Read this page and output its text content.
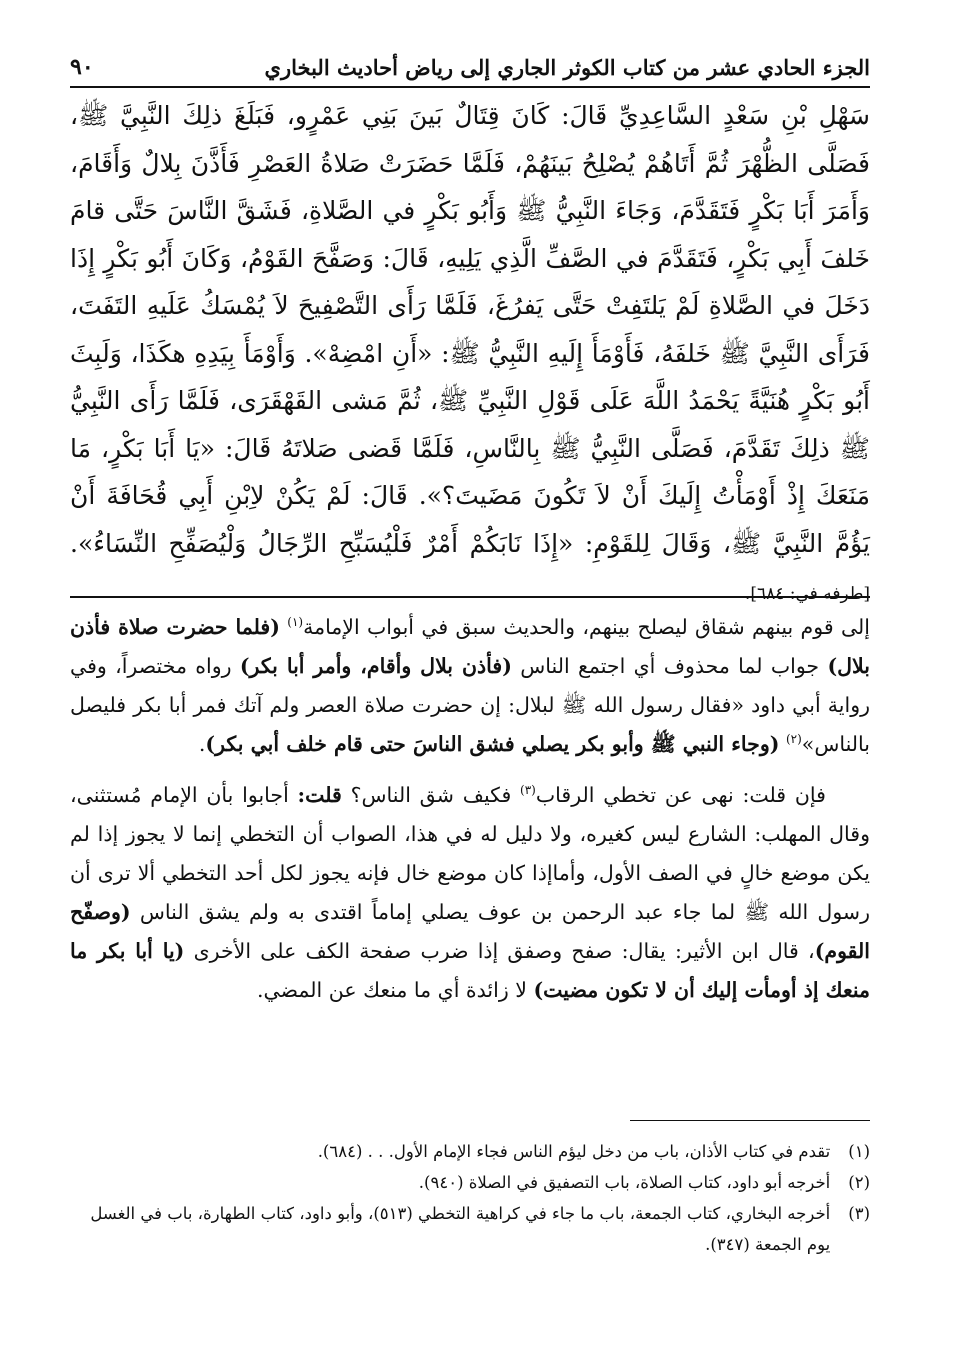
الجزء الحادي عشر من كتاب الكوثر الجاري إلى رياض أحاديث البخاري
٩٠
سَهْلِ بْنِ سَعْدٍ السَّاعِدِيِّ قَالَ: كَانَ قِتَالٌ بَينَ بَنِي عَمْرٍو، فَبَلَغَ ذلِكَ النَّبِيَّ ﷺ، فَصَلَّى الظُّهْرَ ثُمَّ أَتَاهُمْ يُصْلِحُ بَينَهُمْ، فَلَمَّا حَضَرَتْ صَلاةُ العَصْرِ فَأَذَّنَ بِلالٌ وَأَقَامَ، وَأَمَرَ أَبَا بَكْرٍ فَتَقَدَّمَ، وَجَاءَ النَّبِيُّ ﷺ وَأَبُو بَكْرٍ في الصَّلاةِ، فَشَقَّ النَّاسَ حَتَّى قامَ خَلفَ أَبِي بَكْرٍ، فَتَقَدَّمَ في الصَّفِّ الَّذِي يَلِيهِ، قَالَ: وَصَفَّحَ القَوْمُ، وَكَانَ أَبُو بَكْرٍ إِذَا دَخَلَ في الصَّلاةِ لَمْ يَلتَفِتْ حَتَّى يَفرُغَ، فَلَمَّا رَأَى التَّصْفِيحَ لاَ يُمْسَكُ عَلَيهِ التَفَتَ، فَرَأَى النَّبِيَّ ﷺ خَلفَهُ، فَأَوْمَأَ إِلَيهِ النَّبِيُّ ﷺ: «أَنِ امْضِهْ». وَأَوْمَأَ بِيَدِهِ هكَذَا، وَلَبِثَ أَبُو بَكْرٍ هُنَيَّةً يَحْمَدُ اللَّهَ عَلَى قَوْلِ النَّبِيِّ ﷺ، ثُمَّ مَشى القَهْقَرَى، فَلَمَّا رَأَى النَّبِيُّ ﷺ ذلِكَ تَقَدَّمَ، فَصَلَّى النَّبِيُّ ﷺ بِالنَّاسِ، فَلَمَّا قَضى صَلاتَهُ قَالَ: «يَا أَبَا بَكْرٍ، مَا مَنَعَكَ إِذْ أَوْمَأْتُ إِلَيكَ أَنْ لاَ تَكُونَ مَضَيتَ؟». قَالَ: لَمْ يَكُنْ لاِبْنِ أَبِي قُحَافَةَ أَنْ يَؤُمَّ النَّبِيَّ ﷺ، وَقَالَ لِلقَوْمِ: «إِذَا نَابَكُمْ أَمْرٌ فَلْيُسَبِّحِ الرِّجَالُ وَلْيُصَفِّحِ النِّسَاءُ». [طرفه في: ٦٨٤].

إلى قوم بينهم شقاق ليصلح بينهم، والحديث سبق في أبواب الإمامة$^{(١)}$ (فلما حضرت صلاة فأذن بلال) جواب لما محذوف أي اجتمع الناس (فأذن بلال وأقام، وأمر أبا بكر) رواه مختصراً، وفي رواية أبي داود «فقال رسول الله ﷺ لبلال: إن حضرت صلاة العصر ولم آتك فمر أبا بكر فليصل بالناس»$^{(٢)}$ (وجاء النبي ﷺ وأبو بكر يصلي فشق الناسَ حتى قام خلف أبي بكر).

فإن قلت: نهى عن تخطي الرقاب$^{(٣)}$ فكيف شق الناس؟ قلت: أجابوا بأن الإمام مُستثنى، وقال المهلب: الشارع ليس كغيره، ولا دليل له في هذا، الصواب أن التخطي إنما لا يجوز إذا لم يكن موضع خالٍ في الصف الأول، وأماإذا كان موضع خال فإنه يجوز لكل أحد التخطي ألا ترى أن رسول الله ﷺ لما جاء عبد الرحمن بن عوف يصلي إماماً اقتدى به ولم يشق الناس (وصفّح القوم)، قال ابن الأثير: يقال: صفح وصفق إذا ضرب صفحة الكف على الأخرى (يا أبا بكر ما منعك إذ أومأت إليك أن لا تكون مضيت) لا زائدة أي ما منعك عن المضي.

(١)
تقدم في كتاب الأذان، باب من دخل ليؤم الناس فجاء الإمام الأول. . . (٦٨٤).
(٢)
أخرجه أبو داود، كتاب الصلاة، باب التصفيق في الصلاة (٩٤٠).
(٣)
أخرجه البخاري، كتاب الجمعة، باب ما جاء في كراهية التخطي (٥١٣)، وأبو داود، كتاب الطهارة، باب في الغسل يوم الجمعة (٣٤٧).
